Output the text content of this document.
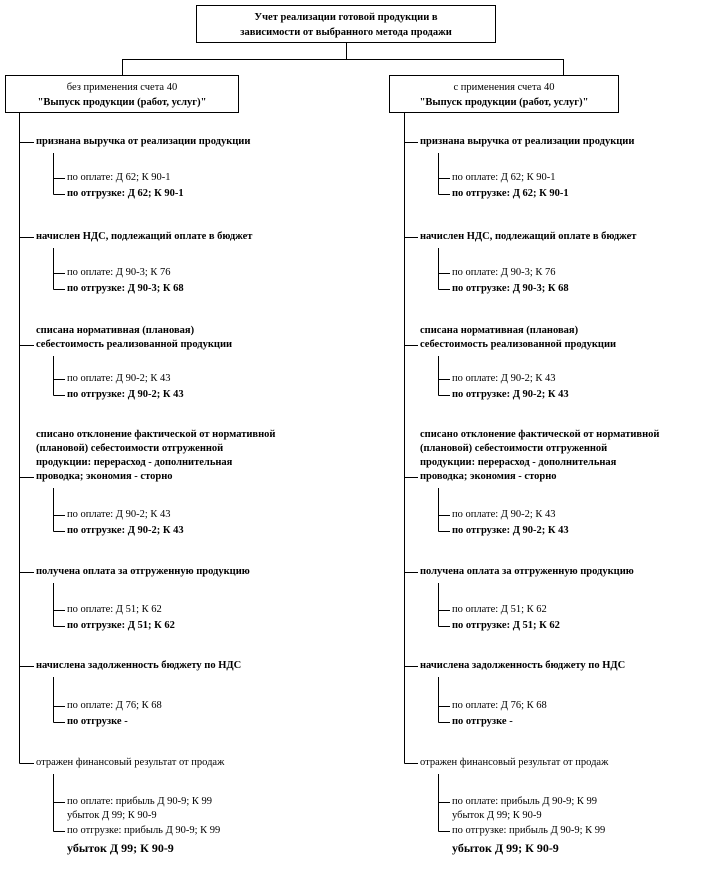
Учет реализации готовой продукции в
зависимости от выбранного метода продажи
без применения счета 40
"Выпуск продукции (работ, услуг)"
с применения счета 40
"Выпуск продукции (работ, услуг)"
признана выручка от реализации продукции
по оплате: Д 62; К 90-1
по отгрузке: Д 62; К 90-1
начислен НДС, подлежащий оплате в бюджет
по оплате: Д 90-3; К 76
по отгрузке: Д 90-3; К 68
списана нормативная (плановая)
себестоимость реализованной продукции
по оплате: Д 90-2; К 43
по отгрузке: Д 90-2; К 43
списано отклонение фактической от нормативной
(плановой) себестоимости отгруженной
продукции: перерасход - дополнительная
проводка; экономия - сторно
по оплате: Д 90-2; К 43
по отгрузке: Д 90-2; К 43
получена оплата за отгруженную продукцию
по оплате: Д 51; К 62
по отгрузке: Д 51; К 62
начислена задолженность бюджету по НДС
по оплате: Д 76; К 68
по отгрузке -
отражен финансовый результат от продаж
по оплате: прибыль Д 90-9; К 99
убыток Д 99; К 90-9
по отгрузке: прибыль Д 90-9; К 99
убыток Д 99; К 90-9
признана выручка от реализации продукции
по оплате: Д 62; К 90-1
по отгрузке: Д 62; К 90-1
начислен НДС, подлежащий оплате в бюджет
по оплате: Д 90-3; К 76
по отгрузке: Д 90-3; К 68
списана нормативная (плановая)
себестоимость реализованной продукции
по оплате: Д 90-2; К 43
по отгрузке: Д 90-2; К 43
списано отклонение фактической от нормативной
(плановой) себестоимости отгруженной
продукции: перерасход - дополнительная
проводка; экономия - сторно
по оплате: Д 90-2; К 43
по отгрузке: Д 90-2; К 43
получена оплата за отгруженную продукцию
по оплате: Д 51; К 62
по отгрузке: Д 51; К 62
начислена задолженность бюджету по НДС
по оплате: Д 76; К 68
по отгрузке -
отражен финансовый результат от продаж
по оплате: прибыль Д 90-9; К 99
убыток Д 99; К 90-9
по отгрузке: прибыль Д 90-9; К 99
убыток Д 99; К 90-9
